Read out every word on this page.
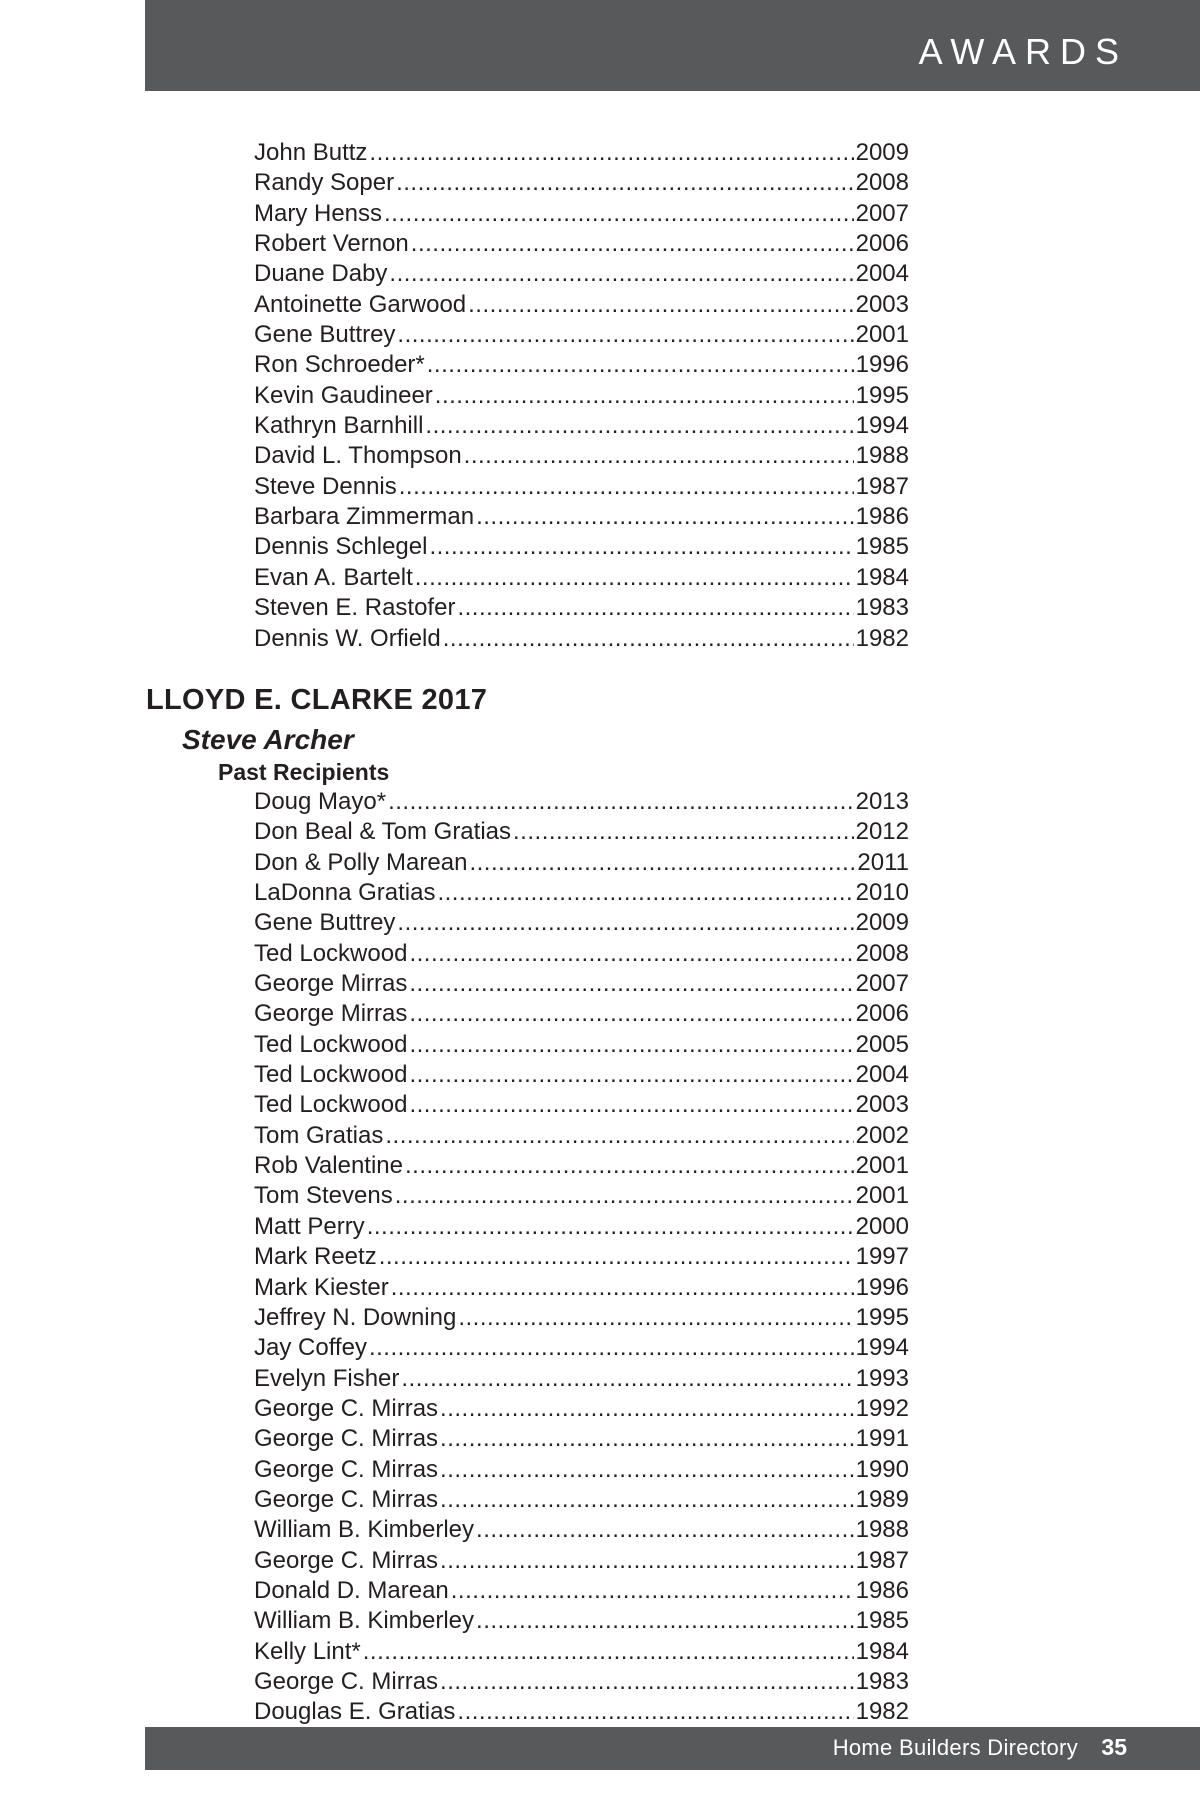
AWARDS
John Buttz .....	2009
Randy Soper .....	2008
Mary Henss .....	2007
Robert Vernon .....	2006
Duane Daby .....	2004
Antoinette Garwood .....	2003
Gene Buttrey .....	2001
Ron Schroeder* .....	1996
Kevin Gaudineer .....	1995
Kathryn Barnhill .....	1994
David L. Thompson .....	1988
Steve Dennis .....	1987
Barbara Zimmerman .....	1986
Dennis Schlegel .....	1985
Evan A. Bartelt .....	1984
Steven E. Rastofer .....	1983
Dennis W. Orfield .....	1982
LLOYD E. CLARKE 2017
Steve Archer
Past Recipients
Doug Mayo* .....	2013
Don Beal & Tom Gratias .....	2012
Don & Polly Marean .....	2011
LaDonna Gratias .....	2010
Gene Buttrey .....	2009
Ted Lockwood .....	2008
George Mirras .....	2007
George Mirras .....	2006
Ted Lockwood .....	2005
Ted Lockwood .....	2004
Ted Lockwood .....	2003
Tom Gratias .....	2002
Rob Valentine .....	2001
Tom Stevens .....	2001
Matt Perry .....	2000
Mark Reetz .....	1997
Mark Kiester .....	1996
Jeffrey N. Downing .....	1995
Jay Coffey .....	1994
Evelyn Fisher .....	1993
George C. Mirras .....	1992
George C. Mirras .....	1991
George C. Mirras .....	1990
George C. Mirras .....	1989
William B. Kimberley .....	1988
George C. Mirras .....	1987
Donald D. Marean .....	1986
William B. Kimberley .....	1985
Kelly Lint* .....	1984
George C. Mirras .....	1983
Douglas E. Gratias .....	1982
Home Builders Directory 35
